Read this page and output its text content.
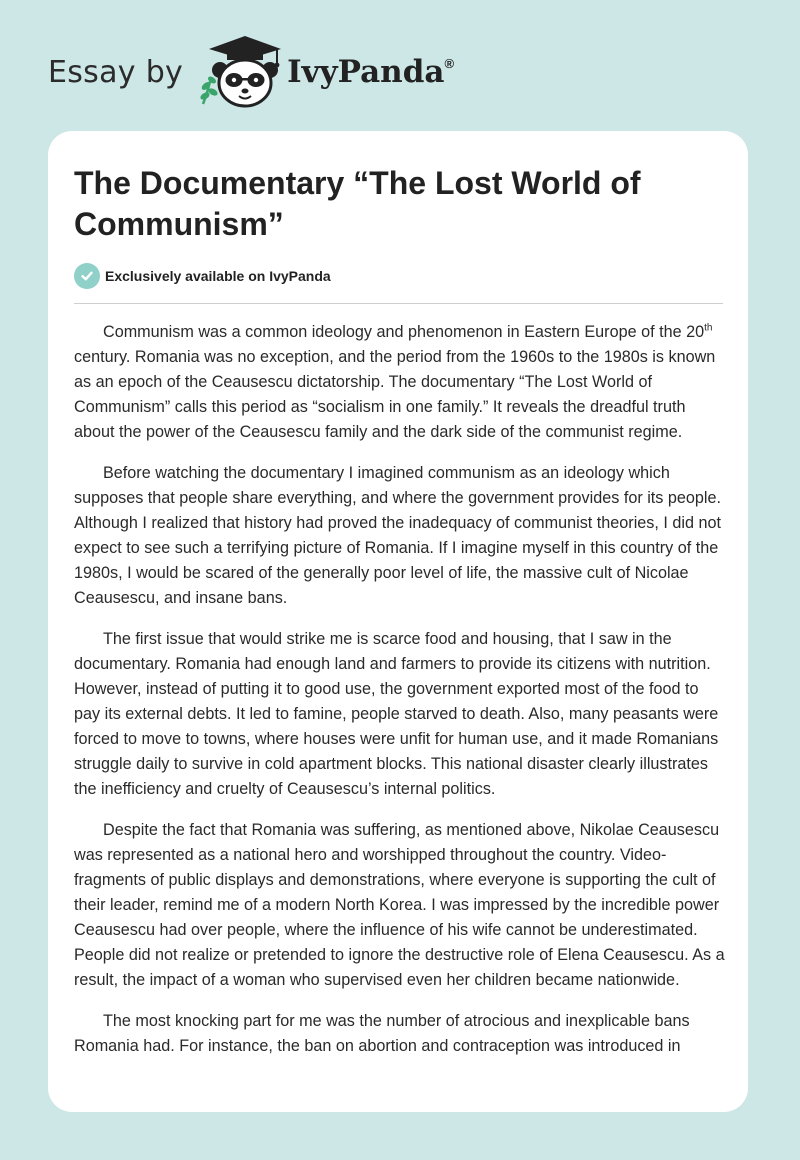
Essay by	IvyPanda®
The Documentary “The Lost World of Communism”
Exclusively available on IvyPanda

Communism was a common ideology and phenomenon in Eastern Europe of the 20th century. Romania was no exception, and the period from the 1960s to the 1980s is known as an epoch of the Ceausescu dictatorship. The documentary “The Lost World of Communism” calls this period as “socialism in one family.” It reveals the dreadful truth about the power of the Ceausescu family and the dark side of the communist regime.

Before watching the documentary I imagined communism as an ideology which supposes that people share everything, and where the government provides for its people. Although I realized that history had proved the inadequacy of communist theories, I did not expect to see such a terrifying picture of Romania. If I imagine myself in this country of the 1980s, I would be scared of the generally poor level of life, the massive cult of Nicolae Ceausescu, and insane bans.

The first issue that would strike me is scarce food and housing, that I saw in the documentary. Romania had enough land and farmers to provide its citizens with nutrition. However, instead of putting it to good use, the government exported most of the food to pay its external debts. It led to famine, people starved to death. Also, many peasants were forced to move to towns, where houses were unfit for human use, and it made Romanians struggle daily to survive in cold apartment blocks. This national disaster clearly illustrates the inefficiency and cruelty of Ceausescu’s internal politics.

Despite the fact that Romania was suffering, as mentioned above, Nikolae Ceausescu was represented as a national hero and worshipped throughout the country. Video-fragments of public displays and demonstrations, where everyone is supporting the cult of their leader, remind me of a modern North Korea. I was impressed by the incredible power Ceausescu had over people, where the influence of his wife cannot be underestimated. People did not realize or pretended to ignore the destructive role of Elena Ceausescu. As a result, the impact of a woman who supervised even her children became nationwide.

The most knocking part for me was the number of atrocious and inexplicable bans Romania had. For instance, the ban on abortion and contraception was introduced in
